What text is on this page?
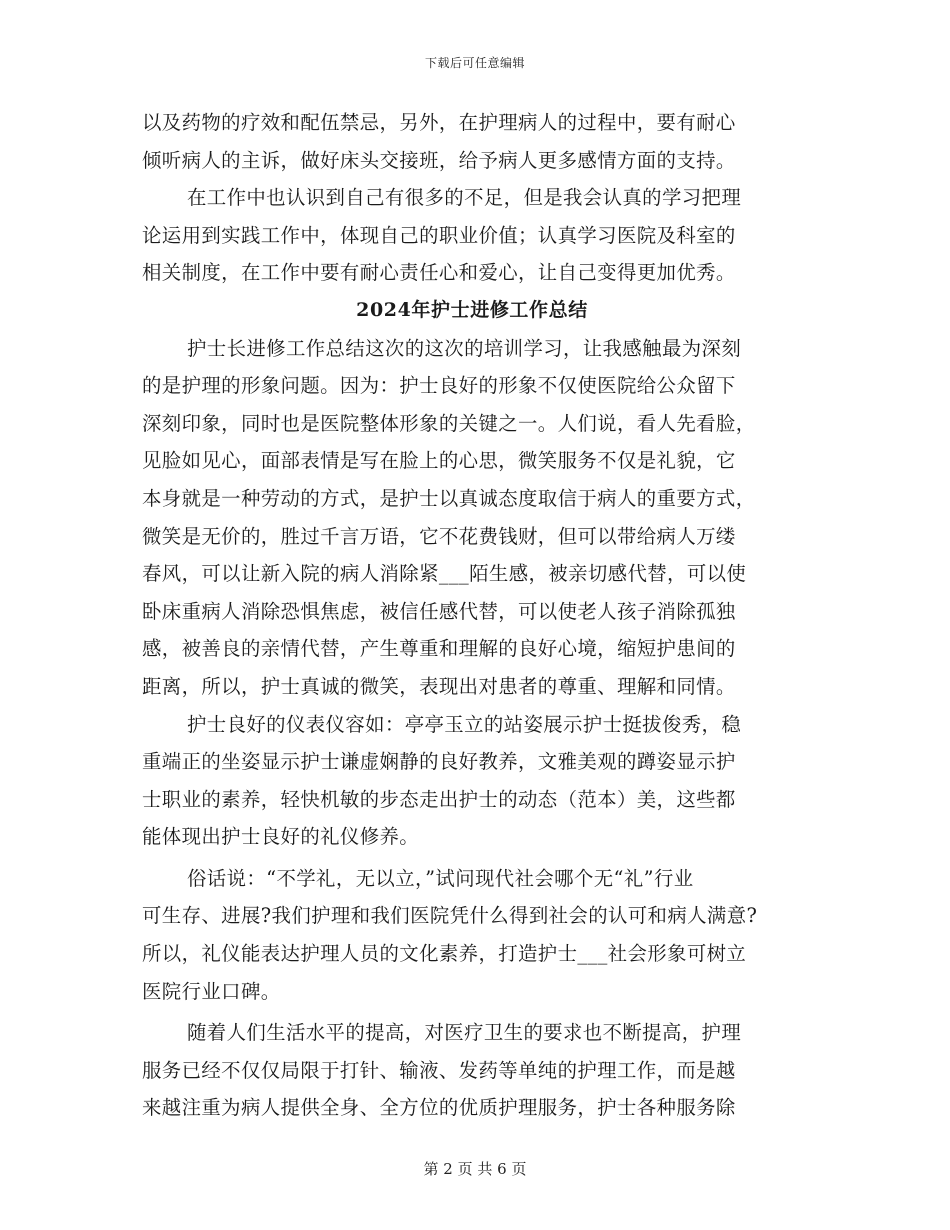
下载后可任意编辑
以及药物的疗效和配伍禁忌，另外，在护理病人的过程中，要有耐心
倾听病人的主诉，做好床头交接班，给予病人更多感情方面的支持。
在工作中也认识到自己有很多的不足，但是我会认真的学习把理
论运用到实践工作中，体现自己的职业价值；认真学习医院及科室的
相关制度，在工作中要有耐心责任心和爱心，让自己变得更加优秀。
2024年护士进修工作总结
护士长进修工作总结这次的这次的培训学习，让我感触最为深刻
的是护理的形象问题。因为：护士良好的形象不仅使医院给公众留下
深刻印象，同时也是医院整体形象的关键之一。人们说，看人先看脸，
见脸如见心，面部表情是写在脸上的心思，微笑服务不仅是礼貌，它
本身就是一种劳动的方式，是护士以真诚态度取信于病人的重要方式，
微笑是无价的，胜过千言万语，它不花费钱财，但可以带给病人万缕
春风，可以让新入院的病人消除紧___陌生感，被亲切感代替，可以使
卧床重病人消除恐惧焦虑，被信任感代替，可以使老人孩子消除孤独
感，被善良的亲情代替，产生尊重和理解的良好心境，缩短护患间的
距离，所以，护士真诚的微笑，表现出对患者的尊重、理解和同情。
护士良好的仪表仪容如：亭亭玉立的站姿展示护士挺拔俊秀，稳
重端正的坐姿显示护士谦虚娴静的良好教养，文雅美观的蹲姿显示护
士职业的素养，轻快机敏的步态走出护士的动态（范本）美，这些都
能体现出护士良好的礼仪修养。
俗话说：“不学礼，无以立，”试问现代社会哪个无“礼”行业
可生存、进展?我们护理和我们医院凭什么得到社会的认可和病人满意?
所以，礼仪能表达护理人员的文化素养，打造护士___社会形象可树立
医院行业口碑。
随着人们生活水平的提高，对医疗卫生的要求也不断提高，护理
服务已经不仅仅局限于打针、输液、发药等单纯的护理工作，而是越
来越注重为病人提供全身、全方位的优质护理服务，护士各种服务除
第 2 页 共 6 页
